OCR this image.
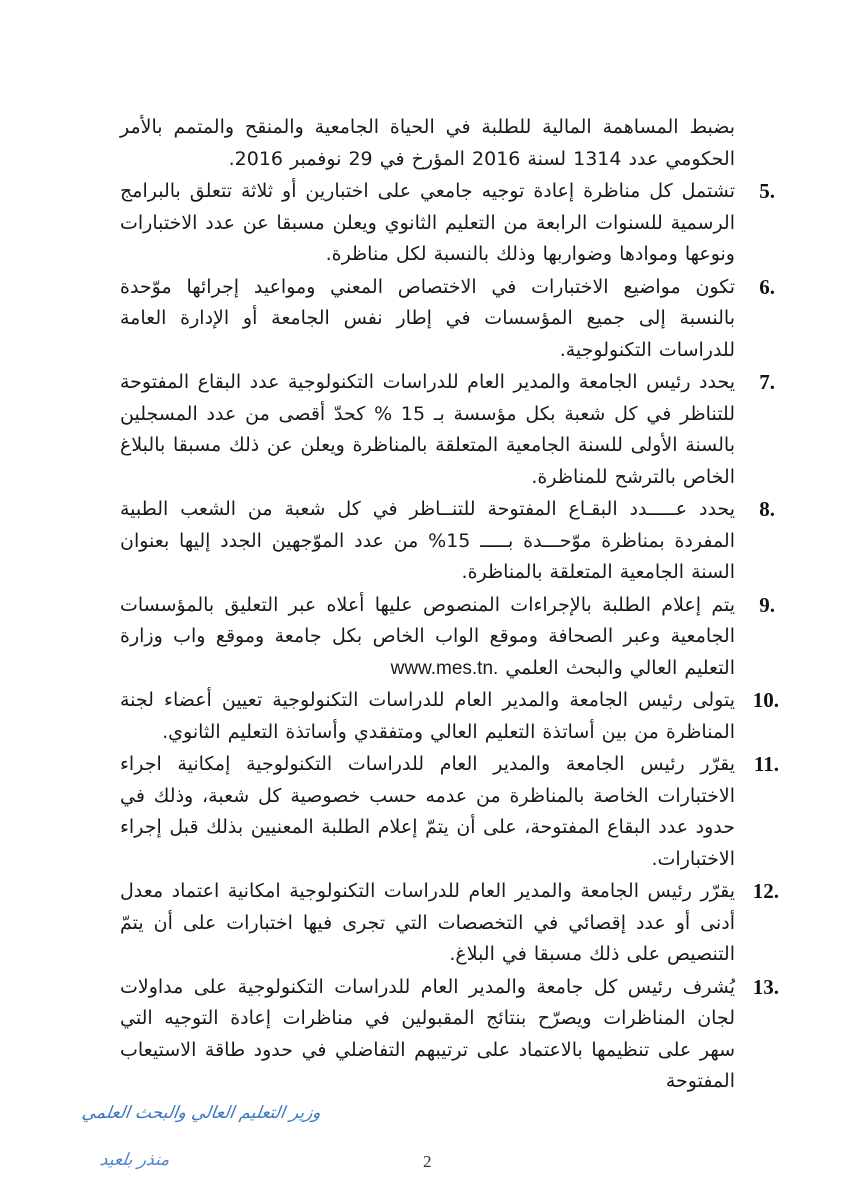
بضبط المساهمة المالية للطلبة في الحياة الجامعية والمنقح والمتمم بالأمر الحكومي عدد 1314 لسنة 2016 المؤرخ في 29 نوفمبر 2016.

5.
تشتمل كل مناظرة إعادة توجيه جامعي على اختبارين أو ثلاثة تتعلق بالبرامج الرسمية للسنوات الرابعة من التعليم الثانوي ويعلن مسبقا عن عدد الاختبارات ونوعها وموادها وضواربها وذلك بالنسبة لكل مناظرة.
6.
تكون مواضيع الاختبارات في الاختصاص المعني ومواعيد إجرائها موّحدة بالنسبة إلى جميع المؤسسات في إطار نفس الجامعة أو الإدارة العامة للدراسات التكنولوجية.
7.
يحدد رئيس الجامعة والمدير العام للدراسات التكنولوجية عدد البقاع المفتوحة للتناظر في كل شعبة بكل مؤسسة بـ 15 % كحدّ أقصى من عدد المسجلين بالسنة الأولى للسنة الجامعية المتعلقة بالمناظرة ويعلن عن ذلك مسبقا بالبلاغ الخاص بالترشح للمناظرة.
8.
يحدد عـــــدد البقـاع المفتوحة للتنــاظر في كل شعبة من الشعب الطبية المفردة بمناظرة موّحـــدة بـــــ 15% من عدد الموّجهين الجدد إليها بعنوان السنة الجامعية المتعلقة بالمناظرة.
9.
يتم إعلام الطلبة بالإجراءات المنصوص عليها أعلاه عبر التعليق بالمؤسسات الجامعية وعبر الصحافة وموقع الواب الخاص بكل جامعة وموقع واب وزارة التعليم العالي والبحث العلمي www.mes.tn.
10.
يتولى رئيس الجامعة والمدير العام للدراسات التكنولوجية تعيين أعضاء لجنة المناظرة من بين أساتذة التعليم العالي ومتفقدي وأساتذة التعليم الثانوي.
11.
يقرّر رئيس الجامعة والمدير العام للدراسات التكنولوجية إمكانية اجراء الاختبارات الخاصة بالمناظرة من عدمه حسب خصوصية كل شعبة، وذلك في حدود عدد البقاع المفتوحة، على أن يتمّ إعلام الطلبة المعنيين بذلك قبل إجراء الاختبارات.
12.
يقرّر رئيس الجامعة والمدير العام للدراسات التكنولوجية امكانية اعتماد معدل أدنى أو عدد إقصائي في التخصصات التي تجرى فيها اختبارات على أن يتمّ التنصيص على ذلك مسبقا في البلاغ.
13.
يُشرف رئيس كل جامعة والمدير العام للدراسات التكنولوجية على مداولات لجان المناظرات ويصرّح بنتائج المقبولين في مناظرات إعادة التوجيه التي سهر على تنظيمها بالاعتماد على ترتيبهم التفاضلي في حدود طاقة الاستيعاب المفتوحة
وزير التعليم العالي والبحث العلمي
منذر بلعيد	2
